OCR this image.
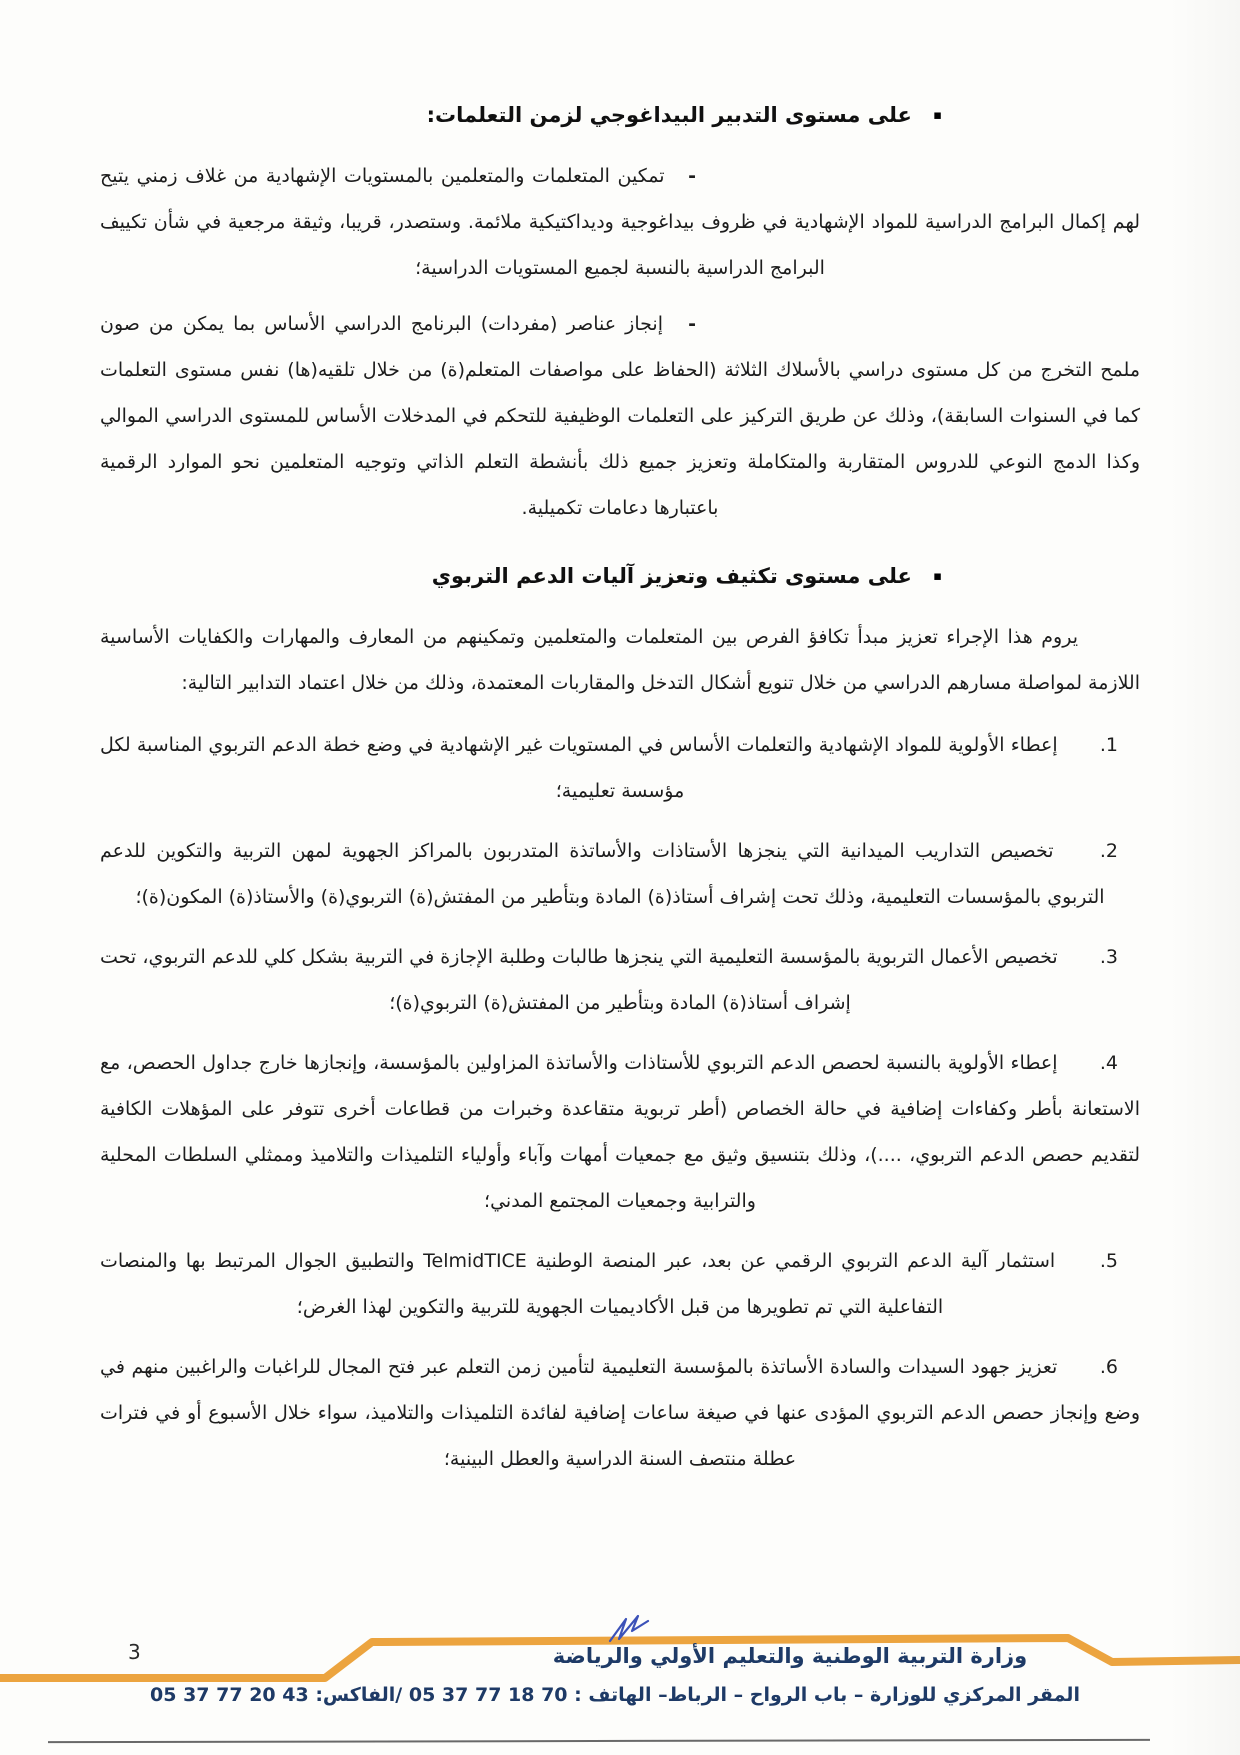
▪ على مستوى التدبير البيداغوجي لزمن التعلمات:

- تمكين المتعلمات والمتعلمين بالمستويات الإشهادية من غلاف زمني يتيح لهم إكمال البرامج الدراسية للمواد الإشهادية في ظروف بيداغوجية وديداكتيكية ملائمة. وستصدر، قريبا، وثيقة مرجعية في شأن تكييف البرامج الدراسية بالنسبة لجميع المستويات الدراسية؛

- إنجاز عناصر (مفردات) البرنامج الدراسي الأساس بما يمكن من صون ملمح التخرج من كل مستوى دراسي بالأسلاك الثلاثة (الحفاظ على مواصفات المتعلم(ة) من خلال تلقيه(ها) نفس مستوى التعلمات كما في السنوات السابقة)، وذلك عن طريق التركيز على التعلمات الوظيفية للتحكم في المدخلات الأساس للمستوى الدراسي الموالي وكذا الدمج النوعي للدروس المتقاربة والمتكاملة وتعزيز جميع ذلك بأنشطة التعلم الذاتي وتوجيه المتعلمين نحو الموارد الرقمية باعتبارها دعامات تكميلية.

▪ على مستوى تكثيف وتعزيز آليات الدعم التربوي

يروم هذا الإجراء تعزيز مبدأ تكافؤ الفرص بين المتعلمات والمتعلمين وتمكينهم من المعارف والمهارات والكفايات الأساسية اللازمة لمواصلة مسارهم الدراسي من خلال تنويع أشكال التدخل والمقاربات المعتمدة، وذلك من خلال اعتماد التدابير التالية:

.1 إعطاء الأولوية للمواد الإشهادية والتعلمات الأساس في المستويات غير الإشهادية في وضع خطة الدعم التربوي المناسبة لكل مؤسسة تعليمية؛

.2 تخصيص التداريب الميدانية التي ينجزها الأستاذات والأساتذة المتدربون بالمراكز الجهوية لمهن التربية والتكوين للدعم التربوي بالمؤسسات التعليمية، وذلك تحت إشراف أستاذ(ة) المادة وبتأطير من المفتش(ة) التربوي(ة) والأستاذ(ة) المكون(ة)؛

.3 تخصيص الأعمال التربوية بالمؤسسة التعليمية التي ينجزها طالبات وطلبة الإجازة في التربية بشكل كلي للدعم التربوي، تحت إشراف أستاذ(ة) المادة وبتأطير من المفتش(ة) التربوي(ة)؛

.4 إعطاء الأولوية بالنسبة لحصص الدعم التربوي للأستاذات والأساتذة المزاولين بالمؤسسة، وإنجازها خارج جداول الحصص، مع الاستعانة بأطر وكفاءات إضافية في حالة الخصاص (أطر تربوية متقاعدة وخبرات من قطاعات أخرى تتوفر على المؤهلات الكافية لتقديم حصص الدعم التربوي، ....)، وذلك بتنسيق وثيق مع جمعيات أمهات وآباء وأولياء التلميذات والتلاميذ وممثلي السلطات المحلية والترابية وجمعيات المجتمع المدني؛

.5 استثمار آلية الدعم التربوي الرقمي عن بعد، عبر المنصة الوطنية TelmidTICE والتطبيق الجوال المرتبط بها والمنصات التفاعلية التي تم تطويرها من قبل الأكاديميات الجهوية للتربية والتكوين لهذا الغرض؛

.6 تعزيز جهود السيدات والسادة الأساتذة بالمؤسسة التعليمية لتأمين زمن التعلم عبر فتح المجال للراغبات والراغبين منهم في وضع وإنجاز حصص الدعم التربوي المؤدى عنها في صيغة ساعات إضافية لفائدة التلميذات والتلاميذ، سواء خلال الأسبوع أو في فترات عطلة منتصف السنة الدراسية والعطل البينية؛

وزارة التربية الوطنية والتعليم الأولي والرياضة
المقر المركزي للوزارة – باب الرواح – الرباط– الهاتف : 05 37 77 18 70 /الفاكس: 05 37 77 20 43
3
